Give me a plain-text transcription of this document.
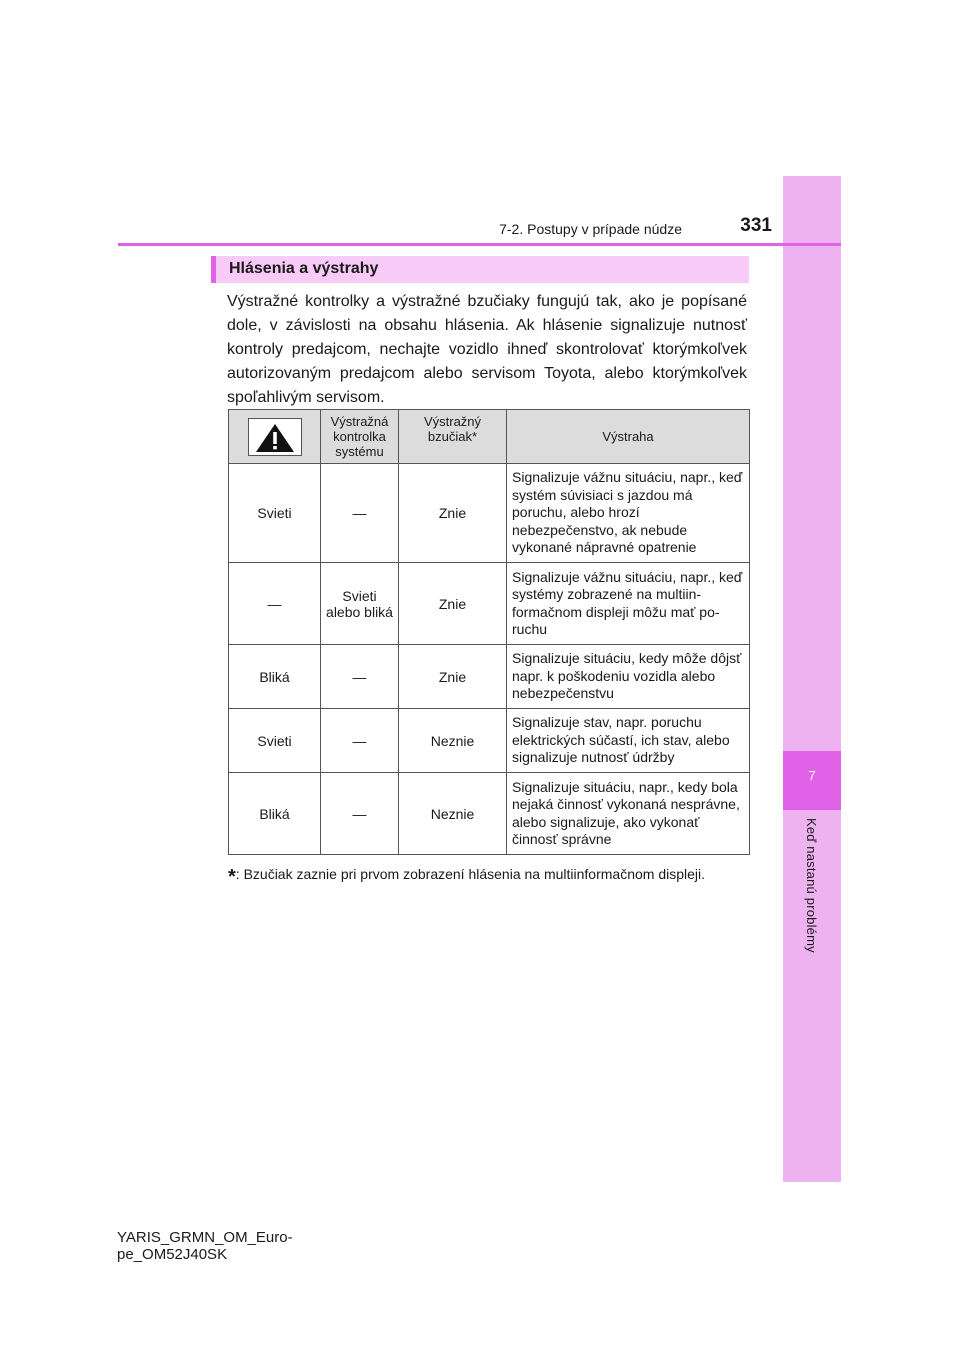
7
Keď nastanú problémy
7-2. Postupy v prípade núdze	331
Hlásenia a výstrahy
Výstražné kontrolky a výstražné bzučiaky fungujú tak, ako je popísané dole, v závislosti na obsahu hlásenia. Ak hlásenie signalizuje nutnosť kontroly predajcom, nechajte vozidlo ihneď skontrolovať ktorýmkoľvek autorizovaným predajcom alebo servisom Toyota, alebo ktorýmkoľvek spoľahlivým servisom.
	Výstražná kontrolka systému	Výstražný bzučiak*	Výstraha
Svieti	—	Znie	Signalizuje vážnu situáciu, napr., keď systém súvisiaci s jazdou má poruchu, alebo hrozí nebezpečenstvo, ak nebude vykonané nápravné opatrenie
—	Svieti alebo bliká	Znie	Signalizuje vážnu situáciu, napr., keď systémy zobrazené na multiinformačnom displeji môžu mať poruchu
Bliká	—	Znie	Signalizuje situáciu, kedy môže dôjsť napr. k poškodeniu vozidla alebo nebezpečenstvu
Svieti	—	Neznie	Signalizuje stav, napr. poruchu elektrických súčastí, ich stav, alebo signalizuje nutnosť údržby
Bliká	—	Neznie	Signalizuje situáciu, napr., kedy bola nejaká činnosť vykonaná nesprávne, alebo signalizuje, ako vykonať činnosť správne
*: Bzučiak zaznie pri prvom zobrazení hlásenia na multiinformačnom displeji.
YARIS_GRMN_OM_Euro-
pe_OM52J40SK
